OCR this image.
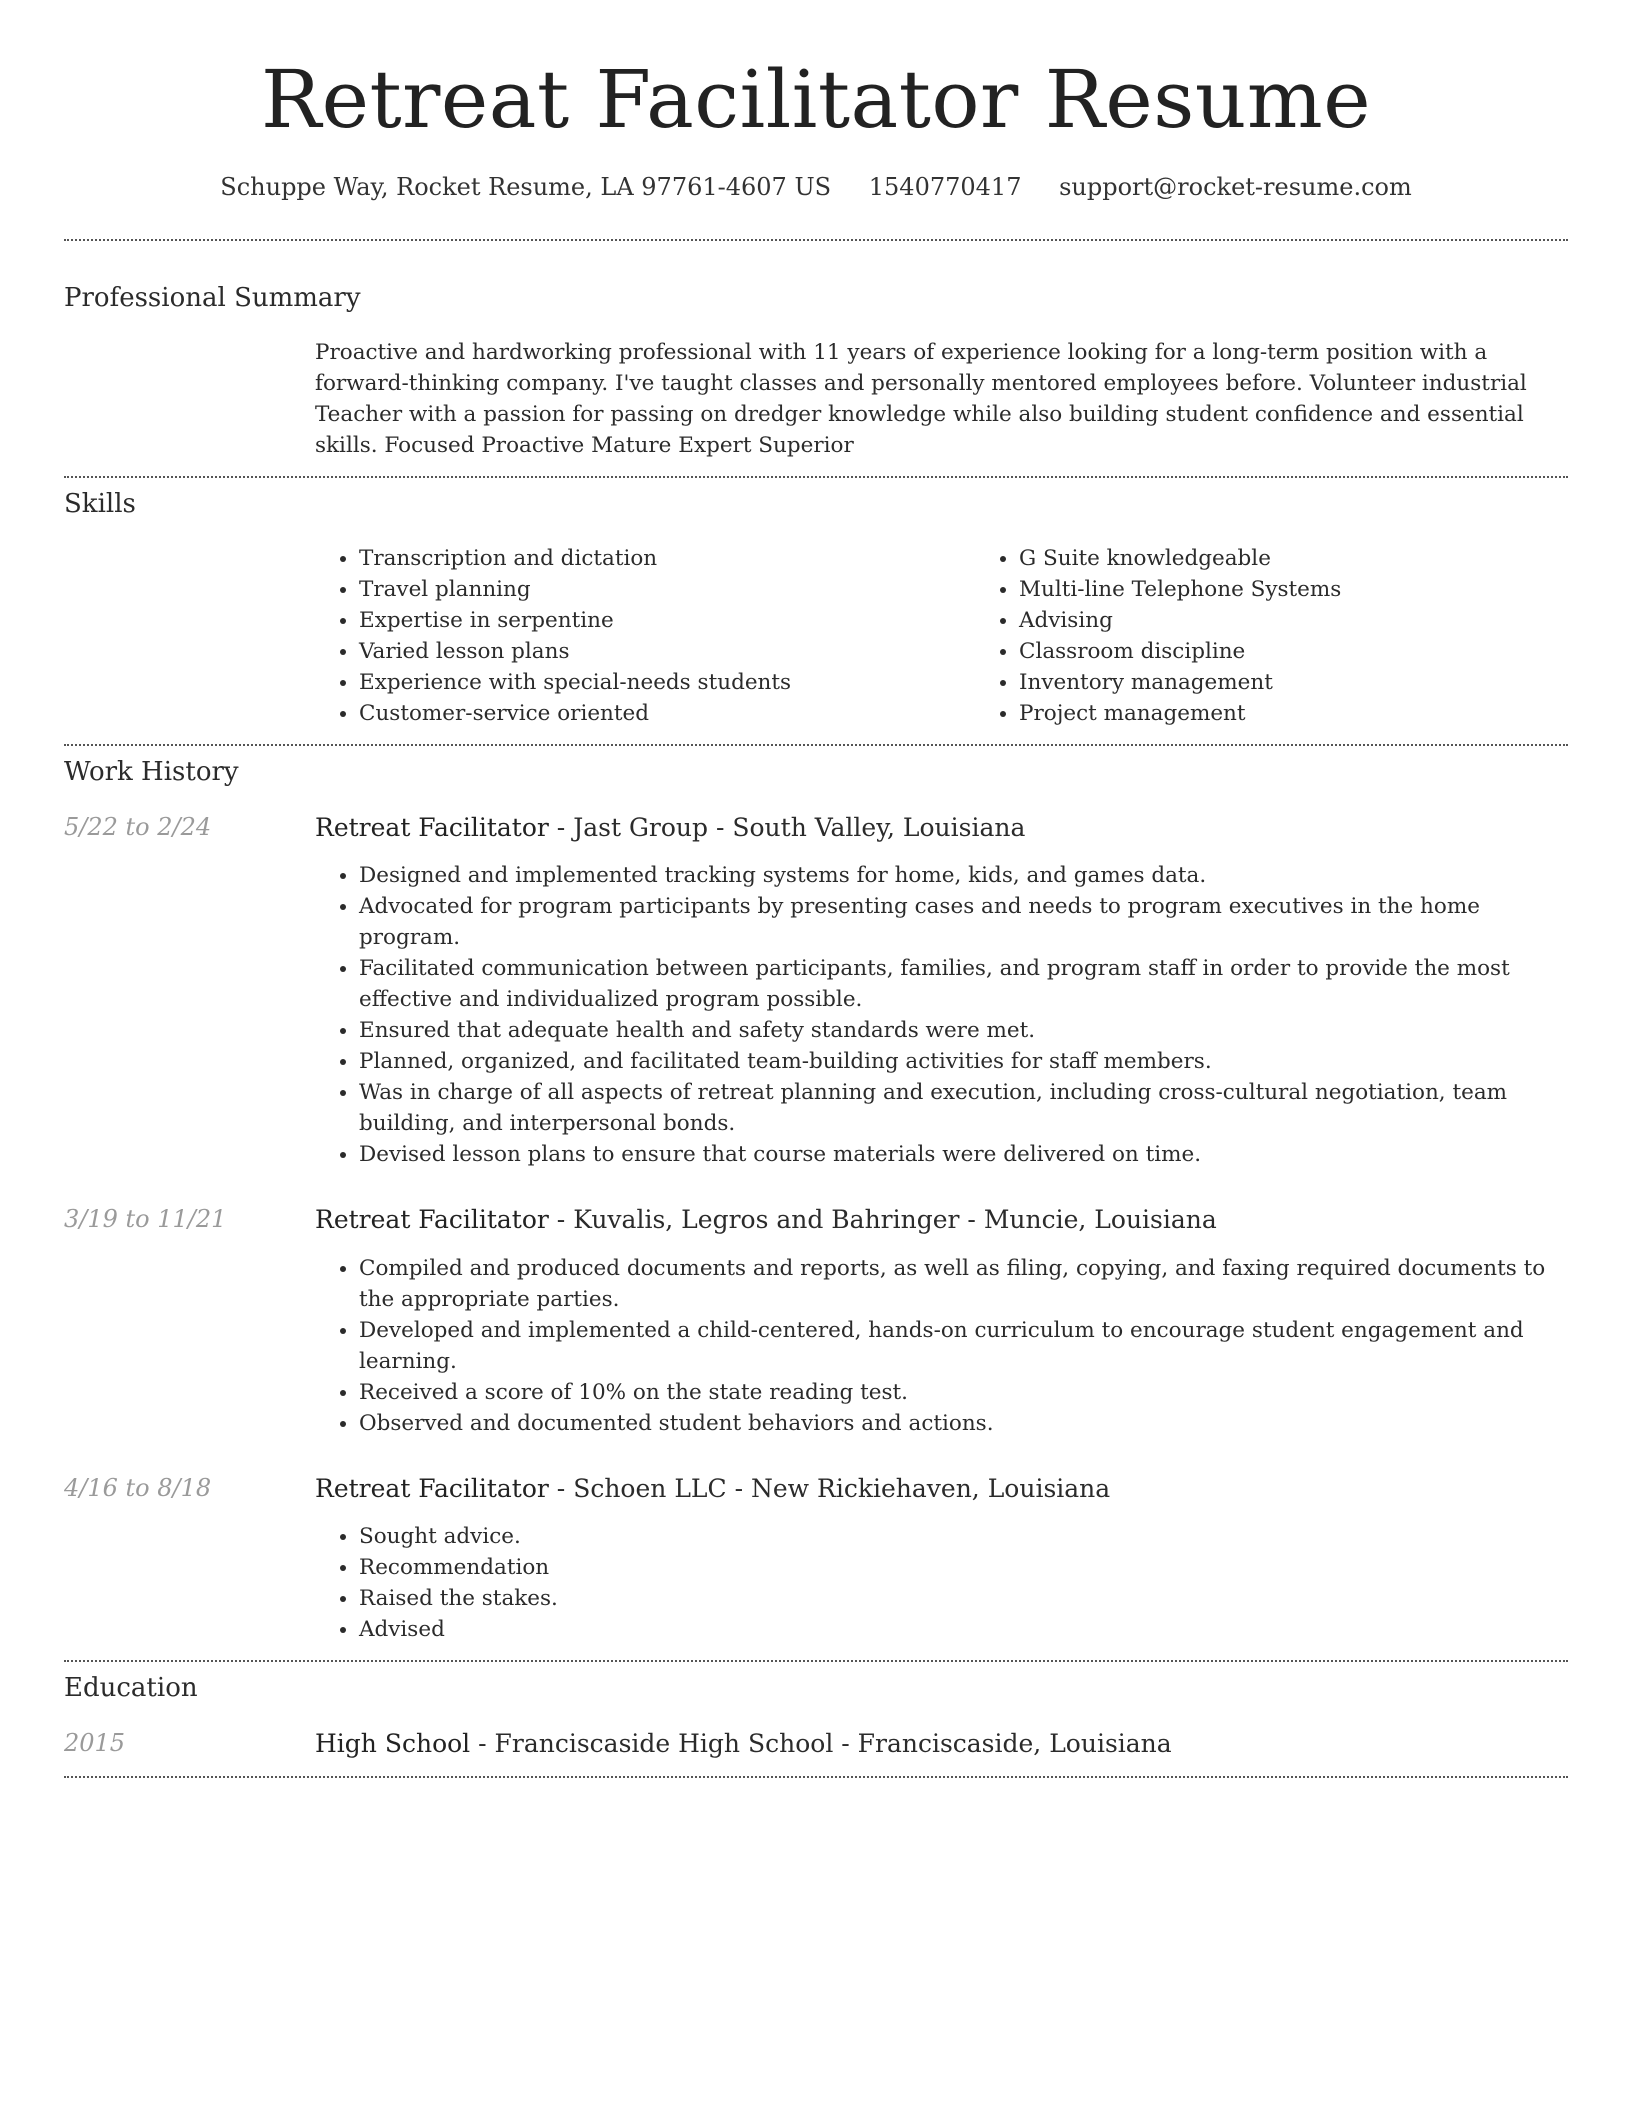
Retreat Facilitator Resume
Schuppe Way, Rocket Resume, LA 97761-4607 US 1540770417 support@rocket-resume.com
Professional Summary

Proactive and hardworking professional with 11 years of experience looking for a long-term position with a forward-thinking company. I've taught classes and personally mentored employees before. Volunteer industrial Teacher with a passion for passing on dredger knowledge while also building student confidence and essential skills. Focused Proactive Mature Expert Superior

Skills
• Transcription and dictation
• Travel planning
• Expertise in serpentine
• Varied lesson plans
• Experience with special-needs students
• Customer-service oriented
• G Suite knowledgeable
• Multi-line Telephone Systems
• Advising
• Classroom discipline
• Inventory management
• Project management
Work History
5/22 to 2/24	Retreat Facilitator - Jast Group - South Valley, Louisiana
• Designed and implemented tracking systems for home, kids, and games data.
• Advocated for program participants by presenting cases and needs to program executives in the home program.
• Facilitated communication between participants, families, and program staff in order to provide the most effective and individualized program possible.
• Ensured that adequate health and safety standards were met.
• Planned, organized, and facilitated team-building activities for staff members.
• Was in charge of all aspects of retreat planning and execution, including cross-cultural negotiation, team building, and interpersonal bonds.
• Devised lesson plans to ensure that course materials were delivered on time.
3/19 to 11/21	Retreat Facilitator - Kuvalis, Legros and Bahringer - Muncie, Louisiana
• Compiled and produced documents and reports, as well as filing, copying, and faxing required documents to the appropriate parties.
• Developed and implemented a child-centered, hands-on curriculum to encourage student engagement and learning.
• Received a score of 10% on the state reading test.
• Observed and documented student behaviors and actions.
4/16 to 8/18	Retreat Facilitator - Schoen LLC - New Rickiehaven, Louisiana
• Sought advice.
• Recommendation
• Raised the stakes.
• Advised
Education
2015	High School - Franciscaside High School - Franciscaside, Louisiana
